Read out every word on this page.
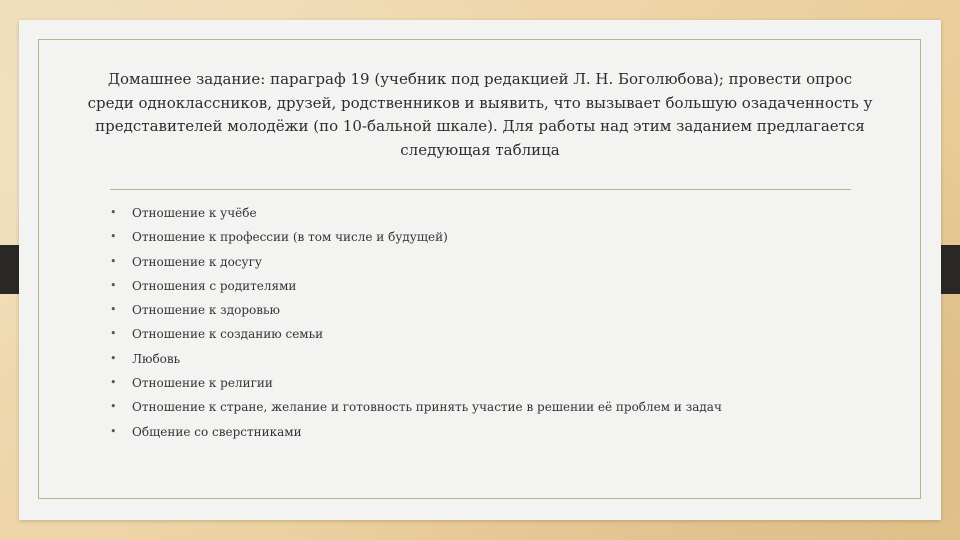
Домашнее задание: параграф 19 (учебник под редакцией Л. Н. Боголюбова); провести опрос среди одноклассников, друзей, родственников и выявить, что вызывает большую озадаченность у представителей молодёжи (по 10-бальной шкале). Для работы над этим заданием предлагается следующая таблица
• Отношение к учёбе
• Отношение к профессии (в том числе и будущей)
• Отношение к досугу
• Отношения с родителями
• Отношение к здоровью
• Отношение к созданию семьи
• Любовь
• Отношение к религии
• Отношение к стране, желание и готовность принять участие в решении её проблем и задач
• Общение со сверстниками
